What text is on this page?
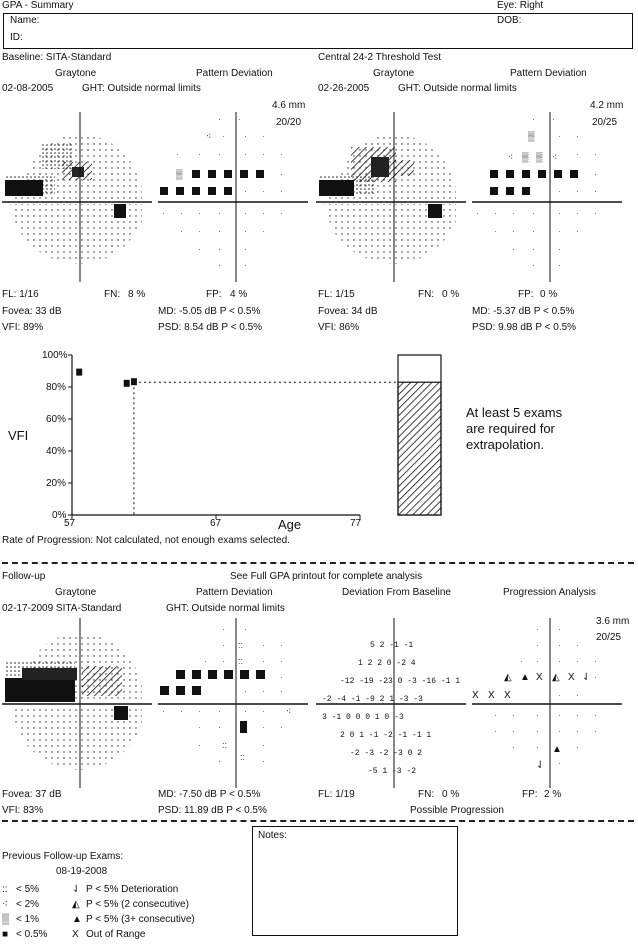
GPA - Summary	Eye: Right
Name:
ID:
DOB:
Baseline: SITA-Standard	Central 24-2 Threshold Test
Graytone	Pattern Deviation
02-08-2005	GHT: Outside normal limits
4.6 mm
20/20
▒
⁖
· ·
· · ·
· · ·	· · ·
·
·
· ·
· · · ·	· · ·
· · ·	· ·
· ·	·
·	·
FL: 1/16	FN: 8 %	FP: 4 %
Fovea: 33 dB
VFI: 89%
MD: -5.05 dB P < 0.5%
PSD: 8.54 dB P < 0.5%
Graytone	Pattern Deviation
02-26-2005	GHT: Outside normal limits
4.2 mm
20/25
▒
⁖ ▒ ▒ ⁖
· ·
· ·
· ·
·
· · ·
· · · ·	· · ·
· · ·	· ·
· ·	·
·	·
FL: 1/15	FN: 0 %	FP: 0 %
Fovea: 34 dB
VFI: 86%
MD: -5.37 dB P < 0.5%
PSD: 9.98 dB P < 0.5%
VFI
100%
80%
60%
40%
20%
0%
57	67	77
Age
At least 5 exams
are required for
extrapolation.
Rate of Progression: Not calculated, not enough exams selected.
Follow-up	See Full GPA printout for complete analysis
Graytone	Pattern Deviation	Deviation From Baseline	Progression Analysis
02-17-2009 SITA-Standard	GHT: Outside normal limits
3.6 mm
20/25
⁖
::
::
::
::
· ·
·	· ·
· ·	· ·
·
·
· ·
· · · ·	· ·
· ·	· ·
·	·
·	·
5 2 -1 -1
1 2 2 0 -2 4
-12 -19 -23 0 -3 -16 -1 1
-2 -4 -1 -9 2 1 -3 -3
3 -1 0 0 0 1 0 -3
2 0 1 -1 -2 -1 -1 1
-2 -3 -2 -3 0 2
-5 1 -3 -2
X X X
X	X
▲
◭	◭ ⇃
▲
⇃
· ·
· · ·
· · · · ·
· ·
·
· ·	· · · ·
· ·	· · · ·
·	·	·
·
Fovea: 37 dB
VFI: 83%
MD: -7.50 dB P < 0.5%
PSD: 11.89 dB P < 0.5%
FL: 1/19	FN: 0 %	FP: 2 %
Possible Progression
Previous Follow-up Exams:
08-19-2008
Notes:
:: < 5%
⁖ < 2%
▒ < 1%
■ < 0.5%
⇃ P < 5% Deterioration
◭ P < 5% (2 consecutive)
▲ P < 5% (3+ consecutive)
X Out of Range
